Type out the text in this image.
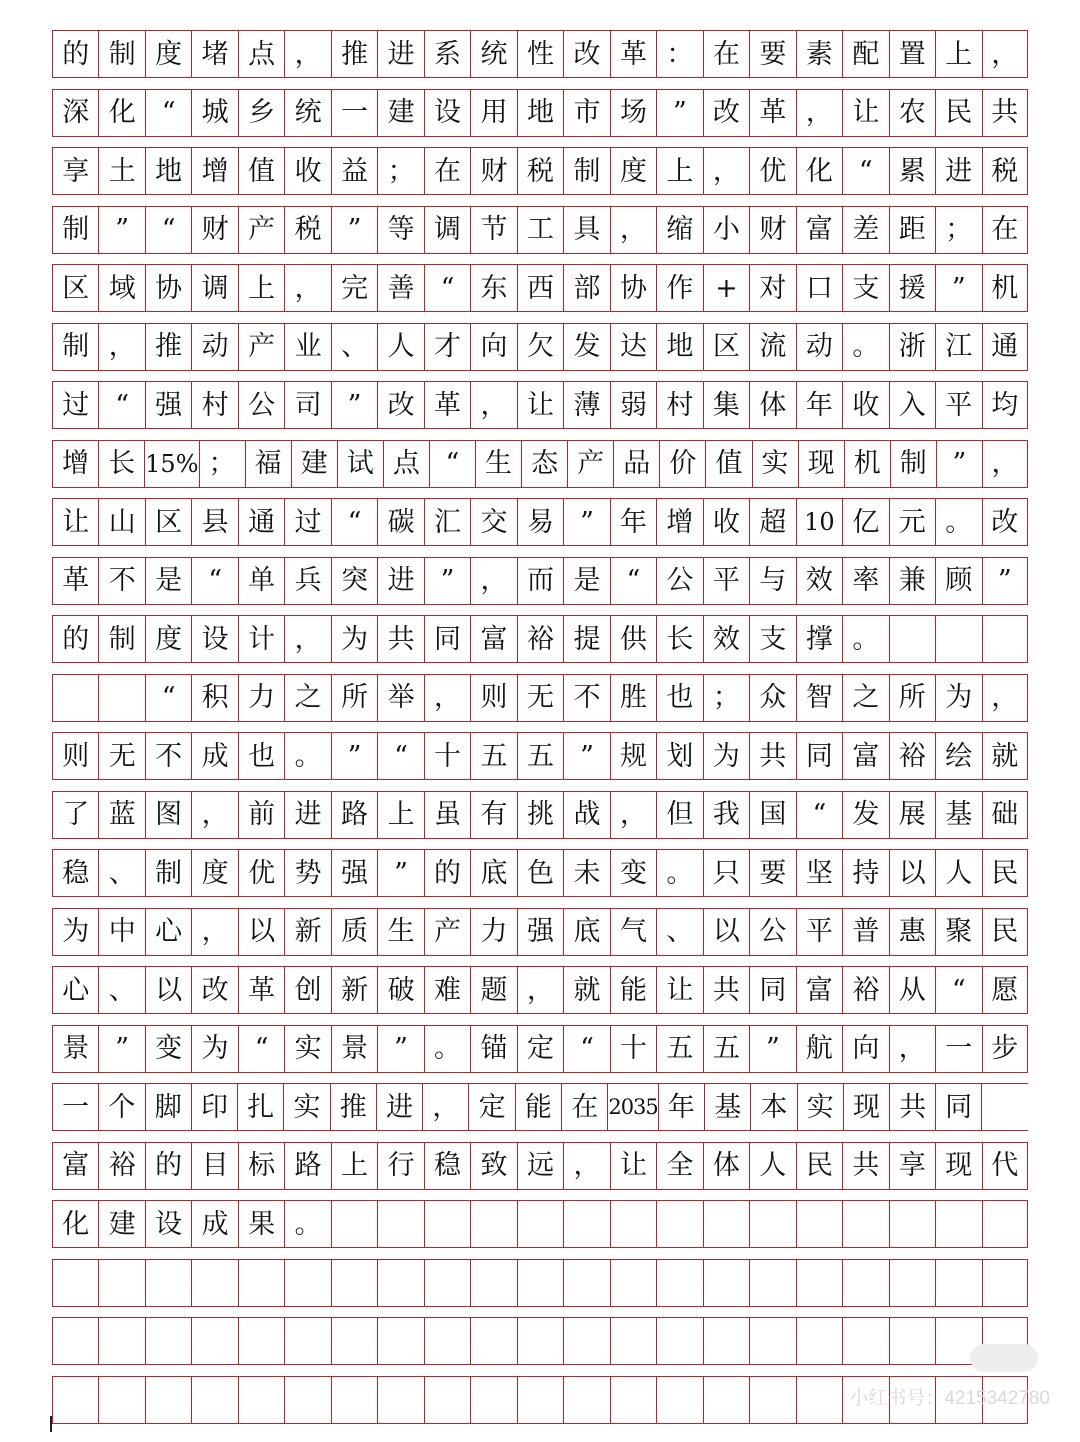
的 制 度 堵 点 ， 推 进 系 统 性 改 革 ： 在 要 素 配 置 上 ，
深 化 “ 城 乡 统 一 建 设 用 地 市 场 ” 改 革 ， 让 农 民 共
享 土 地 增 值 收 益 ； 在 财 税 制 度 上 ， 优 化 “ 累 进 税
制 ”	“ 财 产 税 ” 等 调 节 工 具 ， 缩 小 财 富 差 距 ； 在
区 域 协 调 上 ， 完 善 “ 东 西 部 协 作 + 对 口 支 援 ” 机
制 ， 推 动 产 业 、 人 才 向 欠 发 达 地 区 流 动 。 浙 江 通
过 “ 强 村 公 司 ” 改 革 ， 让 薄 弱 村 集 体 年 收 入 平 均
增 长 15% ； 福 建 试 点 “ 生 态 产 品 价 值 实 现 机 制 ” ，
让 山 区 县 通 过 “ 碳 汇 交 易 ” 年 增 收 超 10 亿 元 。 改
革 不 是 “ 单 兵 突 进 ” ， 而 是 “ 公 平 与 效 率 兼 顾 ”
的 制 度 设 计 ， 为 共 同 富 裕 提 供 长 效 支 撑 。
“ 积 力 之 所 举 ， 则 无 不 胜 也 ； 众 智 之 所 为 ，
则 无 不 成 也 。 ”	“ 十 五 五 ” 规 划 为 共 同 富 裕 绘 就
了 蓝 图 ， 前 进 路 上 虽 有 挑 战 ， 但 我 国 “ 发 展 基 础
稳 、 制 度 优 势 强 ” 的 底 色 未 变 。 只 要 坚 持 以 人 民
为 中 心 ， 以 新 质 生 产 力 强 底 气 、 以 公 平 普 惠 聚 民
心 、 以 改 革 创 新 破 难 题 ， 就 能 让 共 同 富 裕 从 “ 愿
景 ” 变 为 “ 实 景 ” 。 锚 定 “ 十 五 五 ” 航 向 ， 一 步
一 个 脚 印 扎 实 推 进 ， 定 能 在 2035 年 基 本 实 现 共 同
富 裕 的 目 标 路 上 行 稳 致 远 ， 让 全 体 人 民 共 享 现 代
化 建 设 成 果 。
小红书号：4215342780
